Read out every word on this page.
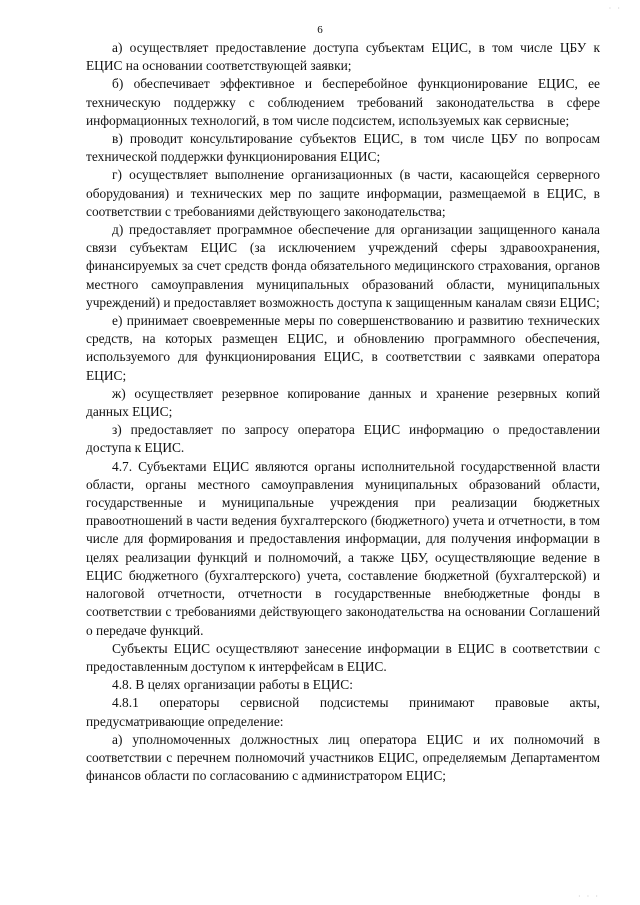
· ·
6

а) осуществляет предоставление доступа субъектам ЕЦИС, в том числе ЦБУ к ЕЦИС на основании соответствующей заявки;

б) обеспечивает эффективное и бесперебойное функционирование ЕЦИС, ее техническую поддержку с соблюдением требований законодательства в сфере информационных технологий, в том числе подсистем, используемых как сервисные;

в) проводит консультирование субъектов ЕЦИС, в том числе ЦБУ по вопросам технической поддержки функционирования ЕЦИС;

г) осуществляет выполнение организационных (в части, касающейся серверного оборудования) и технических мер по защите информации, размещаемой в ЕЦИС, в соответствии с требованиями действующего законодательства;

д) предоставляет программное обеспечение для организации защищенного канала связи субъектам ЕЦИС (за исключением учреждений сферы здравоохранения, финансируемых за счет средств фонда обязательного медицинского страхования, органов местного самоуправления муниципальных образований области, муниципальных учреждений) и предоставляет возможность доступа к защищенным каналам связи ЕЦИС;

е) принимает своевременные меры по совершенствованию и развитию технических средств, на которых размещен ЕЦИС, и обновлению программного обеспечения, используемого для функционирования ЕЦИС, в соответствии с заявками оператора ЕЦИС;

ж) осуществляет резервное копирование данных и хранение резервных копий данных ЕЦИС;

з) предоставляет по запросу оператора ЕЦИС информацию о предоставлении доступа к ЕЦИС.

4.7. Субъектами ЕЦИС являются органы исполнительной государственной власти области, органы местного самоуправления муниципальных образований области, государственные и муниципальные учреждения при реализации бюджетных правоотношений в части ведения бухгалтерского (бюджетного) учета и отчетности, в том числе для формирования и предоставления информации, для получения информации в целях реализации функций и полномочий, а также ЦБУ, осуществляющие ведение в ЕЦИС бюджетного (бухгалтерского) учета, составление бюджетной (бухгалтерской) и налоговой отчетности, отчетности в государственные внебюджетные фонды в соответствии с требованиями действующего законодательства на основании Соглашений о передаче функций.

Субъекты ЕЦИС осуществляют занесение информации в ЕЦИС в соответствии с предоставленным доступом к интерфейсам в ЕЦИС.

4.8. В целях организации работы в ЕЦИС:

4.8.1 операторы сервисной подсистемы принимают правовые акты, предусматривающие определение:

а) уполномоченных должностных лиц оператора ЕЦИС и их полномочий в соответствии с перечнем полномочий участников ЕЦИС, определяемым Департаментом финансов области по согласованию с администратором ЕЦИС;

· · ·
